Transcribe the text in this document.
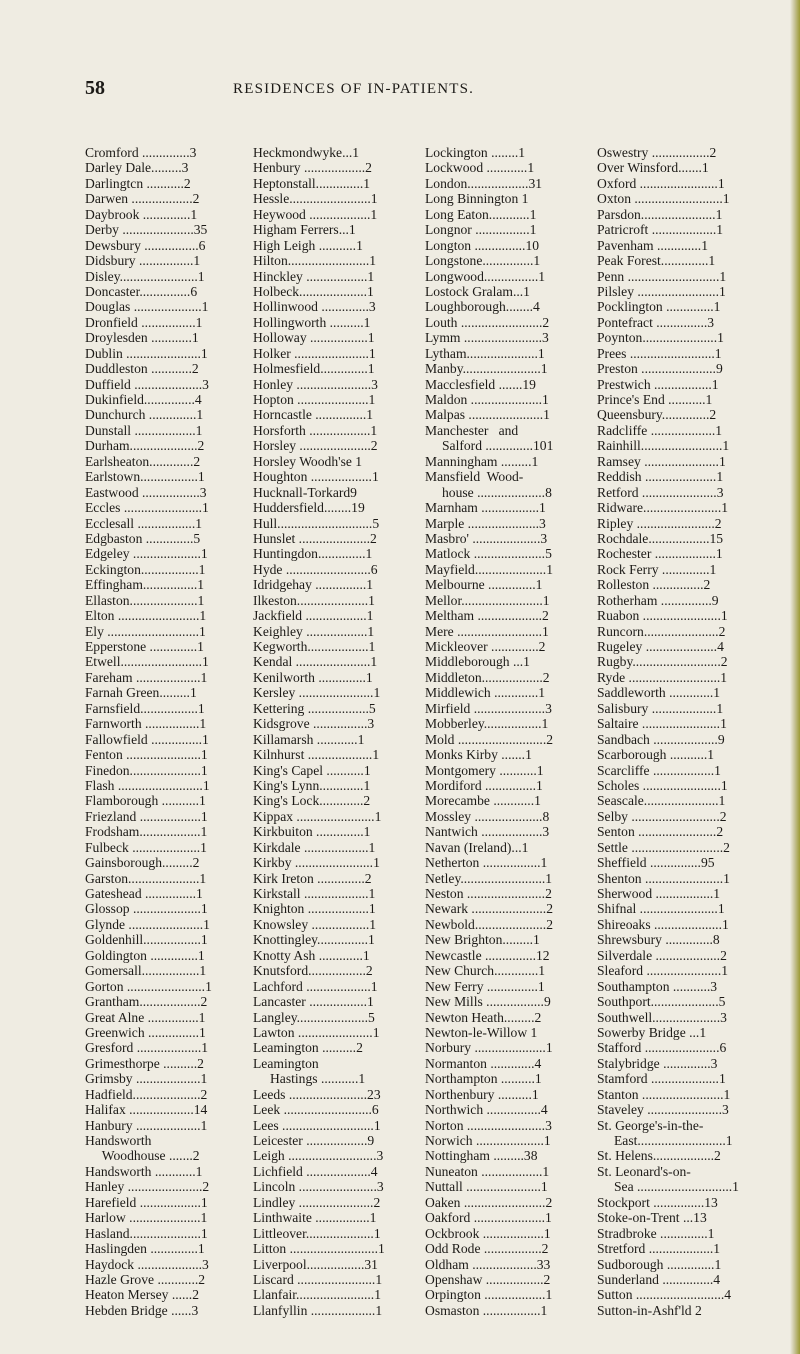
58	RESIDENCES OF IN-PATIENTS.
Cromford ..............3
Darley Dale.........3
Darlingtcn ...........2
Darwen ..................2
Daybrook ..............1
Derby .....................35
Dewsbury ................6
Didsbury ................1
Disley.......................1
Doncaster...............6
Douglas ....................1
Dronfield ................1
Droylesden ............1
Dublin ......................1
Duddleston ............2
Duffield ....................3
Dukinfield...............4
Dunchurch ..............1
Dunstall ..................1
Durham....................2
Earlsheaton.............2
Earlstown.................1
Eastwood .................3
Eccles .......................1
Ecclesall .................1
Edgbaston ..............5
Edgeley ....................1
Eckington.................1
Effingham................1
Ellaston....................1
Elton ........................1
Ely ...........................1
Epperstone ..............1
Etwell........................1
Fareham ...................1
Farnah Green.........1
Farnsfield.................1
Farnworth ................1
Fallowfield ...............1
Fenton ......................1
Finedon.....................1
Flash .........................1
Flamborough ...........1
Friezland ..................1
Frodsham..................1
Fulbeck ....................1
Gainsborough.........2
Garston.....................1
Gateshead ...............1
Glossop ....................1
Glynde ......................1
Goldenhill.................1
Goldington ..............1
Gomersall.................1
Gorton .......................1
Grantham..................2
Great Alne ...............1
Greenwich ...............1
Gresford ...................1
Grimesthorpe ..........2
Grimsby ...................1
Hadfield....................2
Halifax ...................14
Hanbury ...................1
Handsworth
Woodhouse .......2
Handsworth ............1
Hanley ......................2
Harefield ..................1
Harlow .....................1
Hasland.....................1
Haslingden ..............1
Haydock ...................3
Hazle Grove ............2
Heaton Mersey ......2
Hebden Bridge ......3
Heckmondwyke...1
Henbury ..................2
Heptonstall..............1
Hessle........................1
Heywood ..................1
Higham Ferrers...1
High Leigh ...........1
Hilton........................1
Hinckley ..................1
Holbeck....................1
Hollinwood ..............3
Hollingworth ..........1
Holloway .................1
Holker ......................1
Holmesfield..............1
Honley ......................3
Hopton .....................1
Horncastle ...............1
Horsforth ..................1
Horsley .....................2
Horsley Woodh'se 1
Houghton ..................1
Hucknall-Torkard9
Huddersfield........19
Hull............................5
Hunslet .....................2
Huntingdon..............1
Hyde .........................6
Idridgehay ...............1
Ilkeston.....................1
Jackfield ..................1
Keighley ..................1
Kegworth..................1
Kendal ......................1
Kenilworth ..............1
Kersley ......................1
Kettering ..................5
Kidsgrove ................3
Killamarsh ............1
Kilnhurst ...................1
King's Capel ...........1
King's Lynn.............1
King's Lock.............2
Kippax .......................1
Kirkbuiton ..............1
Kirkdale ...................1
Kirkby .......................1
Kirk Ireton ..............2
Kirkstall ...................1
Knighton ..................1
Knowsley .................1
Knottingley...............1
Knotty Ash .............1
Knutsford.................2
Lachford ...................1
Lancaster .................1
Langley.....................5
Lawton ......................1
Leamington ..........2
Leamington
Hastings ...........1
Leeds .......................23
Leek ..........................6
Lees ...........................1
Leicester ..................9
Leigh ..........................3
Lichfield ...................4
Lincoln .......................3
Lindley ......................2
Linthwaite ................1
Littleover....................1
Litton ..........................1
Liverpool.................31
Liscard .......................1
Llanfair.......................1
Llanfyllin ...................1
Lockington ........1
Lockwood ............1
London..................31
Long Binnington 1
Long Eaton............1
Longnor ................1
Longton ...............10
Longstone...............1
Longwood................1
Lostock Gralam...1
Loughborough........4
Louth ........................2
Lymm .......................3
Lytham.....................1
Manby.......................1
Macclesfield .......19
Maldon .....................1
Malpas ......................1
Manchester   and
Salford ..............101
Manningham .........1
Mansfield  Wood-
house ....................8
Marnham .................1
Marple .....................3
Masbro' ....................3
Matlock .....................5
Mayfield.....................1
Melbourne ..............1
Mellor........................1
Meltham ...................2
Mere .........................1
Mickleover ..............2
Middleborough ...1
Middleton..................2
Middlewich .............1
Mirfield .....................3
Mobberley.................1
Mold ..........................2
Monks Kirby .......1
Montgomery ...........1
Mordiford ...............1
Morecambe ............1
Mossley ....................8
Nantwich ..................3
Navan (Ireland)...1
Netherton .................1
Netley.........................1
Neston .......................2
Newark ......................2
Newbold.....................2
New Brighton.........1
Newcastle ...............12
New Church.............1
New Ferry ...............1
New Mills .................9
Newton Heath.........2
Newton-le-Willow 1
Norbury .....................1
Normanton .............4
Northampton ..........1
Northenbury ..........1
Northwich ................4
Norton .......................3
Norwich ....................1
Nottingham .........38
Nuneaton ..................1
Nuttall ......................1
Oaken ........................2
Oakford .....................1
Ockbrook ..................1
Odd Rode .................2
Oldham ...................33
Openshaw .................2
Orpington ..................1
Osmaston .................1
Oswestry .................2
Over Winsford.......1
Oxford .......................1
Oxton ..........................1
Parsdon......................1
Patricroft ...................1
Pavenham .............1
Peak Forest..............1
Penn ...........................1
Pilsley ........................1
Pocklington ..............1
Pontefract ...............3
Poynton......................1
Prees .........................1
Preston ......................9
Prestwich .................1
Prince's End ...........1
Queensbury..............2
Radcliffe ...................1
Rainhill........................1
Ramsey ......................1
Reddish .....................1
Retford ......................3
Ridware.......................1
Ripley .......................2
Rochdale..................15
Rochester ..................1
Rock Ferry ..............1
Rolleston ...............2
Rotherham ...............9
Ruabon .......................1
Runcorn......................2
Rugeley .....................4
Rugby..........................2
Ryde ...........................1
Saddleworth .............1
Salisbury ...................1
Saltaire .......................1
Sandbach ...................9
Scarborough ...........1
Scarcliffe ..................1
Scholes .......................1
Seascale......................1
Selby ..........................2
Senton .......................2
Settle ...........................2
Sheffield ...............95
Shenton .......................1
Sherwood .................1
Shifnal .......................1
Shireoaks ....................1
Shrewsbury ..............8
Silverdale ...................2
Sleaford ......................1
Southampton ...........3
Southport....................5
Southwell....................3
Sowerby Bridge ...1
Stafford ......................6
Stalybridge ..............3
Stamford ....................1
Stanton ........................1
Staveley ......................3
St. George's-in-the-
East..........................1
St. Helens..................2
St. Leonard's-on-
Sea ............................1
Stockport ...............13
Stoke-on-Trent ...13
Stradbroke ..............1
Stretford ...................1
Sudborough ..............1
Sunderland ...............4
Sutton ..........................4
Sutton-in-Ashf'ld 2
